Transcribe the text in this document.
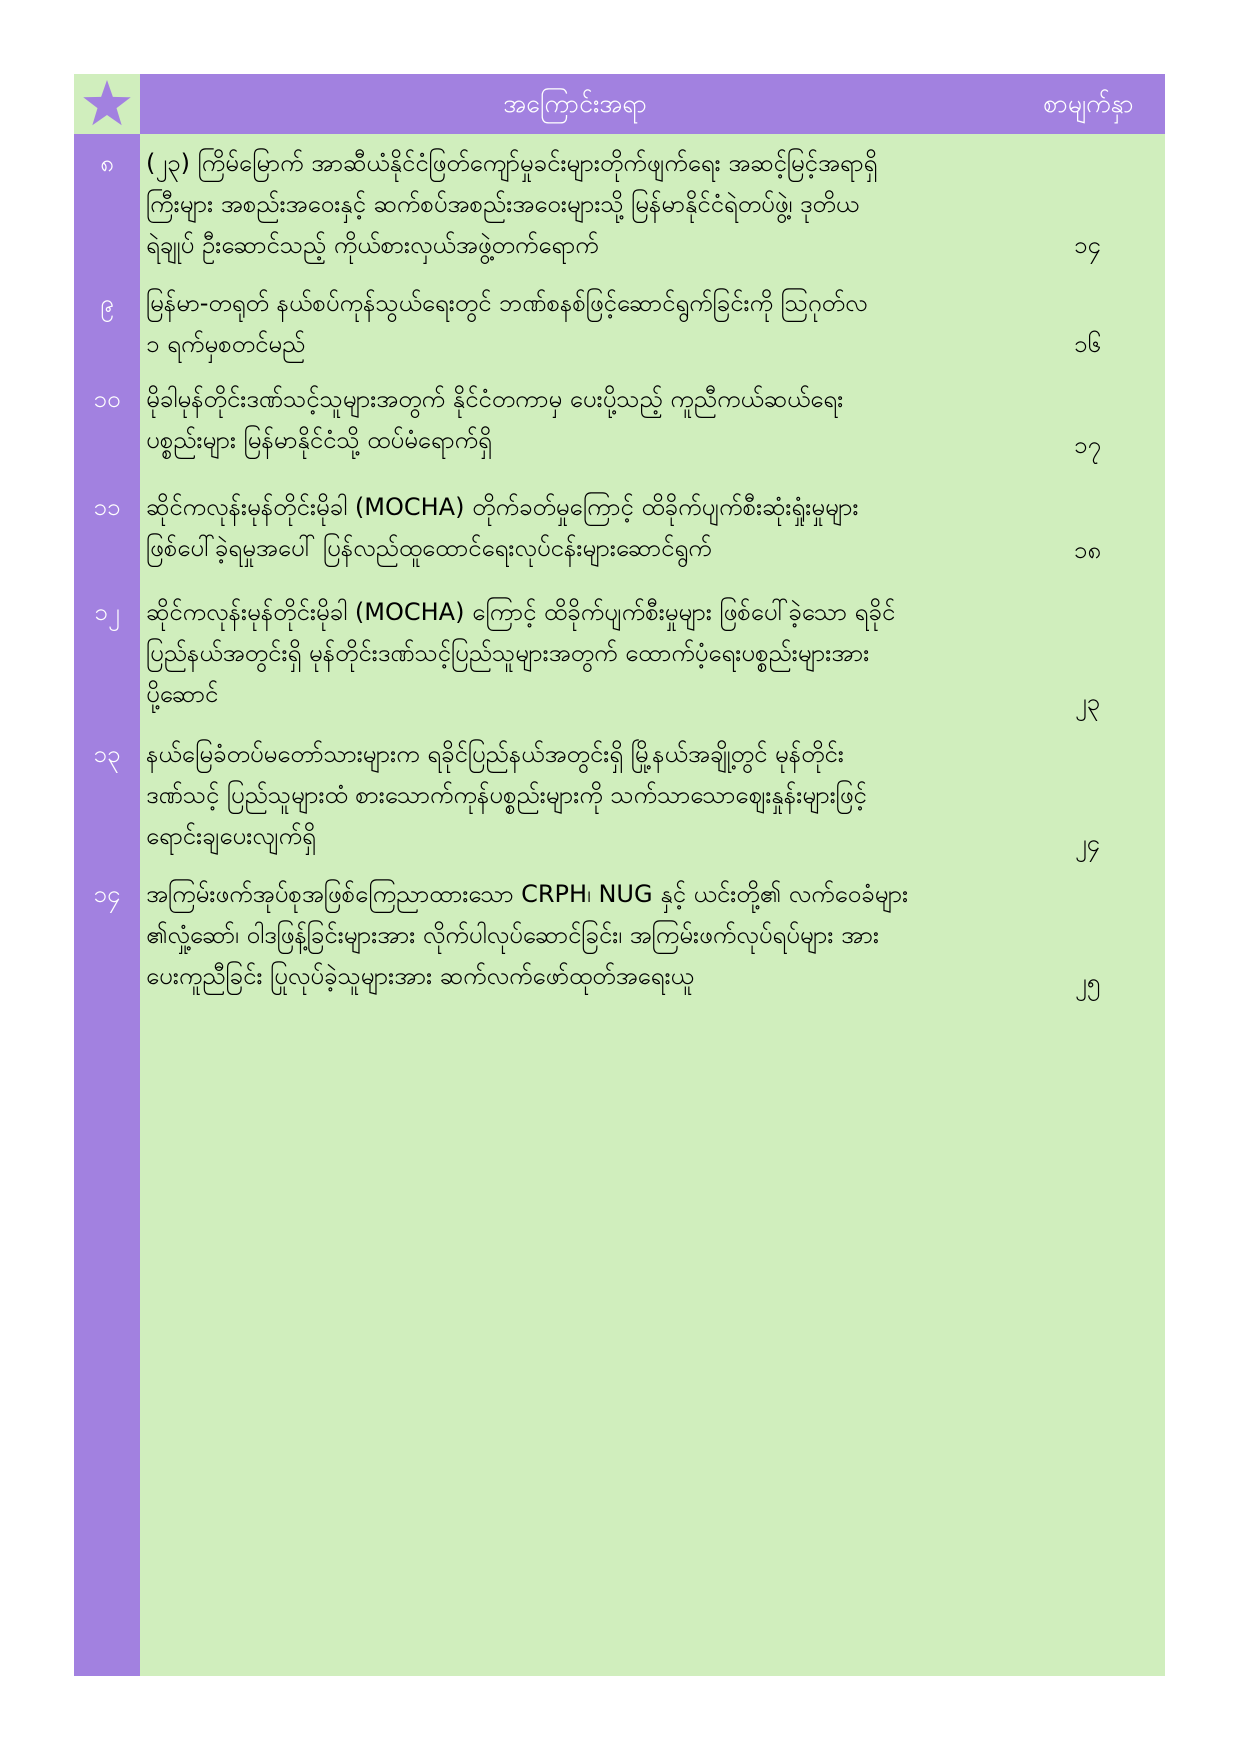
အကြောင်းအရာ	စာမျက်နှာ
၈	(၂၃) ကြိမ်မြောက် အာဆီယံနိုင်ငံဖြတ်ကျော်မှုခင်းများတိုက်ဖျက်ရေး အဆင့်မြင့်အရာရှိ
ကြီးများ အစည်းအဝေးနှင့် ဆက်စပ်အစည်းအဝေးများသို့ မြန်မာနိုင်ငံရဲတပ်ဖွဲ့၊ ဒုတိယ
ရဲချုပ် ဦးဆောင်သည့် ကိုယ်စားလှယ်အဖွဲ့တက်ရောက်	၁၄
၉	မြန်မာ-တရုတ် နယ်စပ်ကုန်သွယ်ရေးတွင် ဘဏ်စနစ်ဖြင့်ဆောင်ရွက်ခြင်းကို ဩဂုတ်လ
၁ ရက်မှစတင်မည်	၁၆
၁၀	မိုခါမုန်တိုင်းဒဏ်သင့်သူများအတွက် နိုင်ငံတကာမှ ပေးပို့သည့် ကူညီကယ်ဆယ်ရေး
ပစ္စည်းများ မြန်မာနိုင်ငံသို့ ထပ်မံရောက်ရှိ	၁၇
၁၁	ဆိုင်ကလုန်းမုန်တိုင်းမိုခါ (MOCHA) တိုက်ခတ်မှုကြောင့် ထိခိုက်ပျက်စီးဆုံးရှုံးမှုများ
ဖြစ်ပေါ်ခဲ့ရမှုအပေါ် ပြန်လည်ထူထောင်ရေးလုပ်ငန်းများဆောင်ရွက်	၁၈
၁၂	ဆိုင်ကလုန်းမုန်တိုင်းမိုခါ (MOCHA) ကြောင့် ထိခိုက်ပျက်စီးမှုများ ဖြစ်ပေါ်ခဲ့သော ရခိုင်
ပြည်နယ်အတွင်းရှိ မုန်တိုင်းဒဏ်သင့်ပြည်သူများအတွက် ထောက်ပံ့ရေးပစ္စည်းများအား
ပို့ဆောင်	၂၃
၁၃	နယ်မြေခံတပ်မတော်သားများက ရခိုင်ပြည်နယ်အတွင်းရှိ မြို့နယ်အချို့တွင် မုန်တိုင်း
ဒဏ်သင့် ပြည်သူများထံ စားသောက်ကုန်ပစ္စည်းများကို သက်သာသောဈေးနှုန်းများဖြင့်
ရောင်းချပေးလျက်ရှိ	၂၄
၁၄	အကြမ်းဖက်အုပ်စုအဖြစ်ကြေညာထားသော CRPH၊ NUG နှင့် ယင်းတို့၏ လက်ဝေခံများ
၏လှုံ့ဆော်၊ ဝါဒဖြန့်ခြင်းများအား လိုက်ပါလုပ်ဆောင်ခြင်း၊ အကြမ်းဖက်လုပ်ရပ်များ အား
ပေးကူညီခြင်း ပြုလုပ်ခဲ့သူများအား ဆက်လက်ဖော်ထုတ်အရေးယူ	၂၅
